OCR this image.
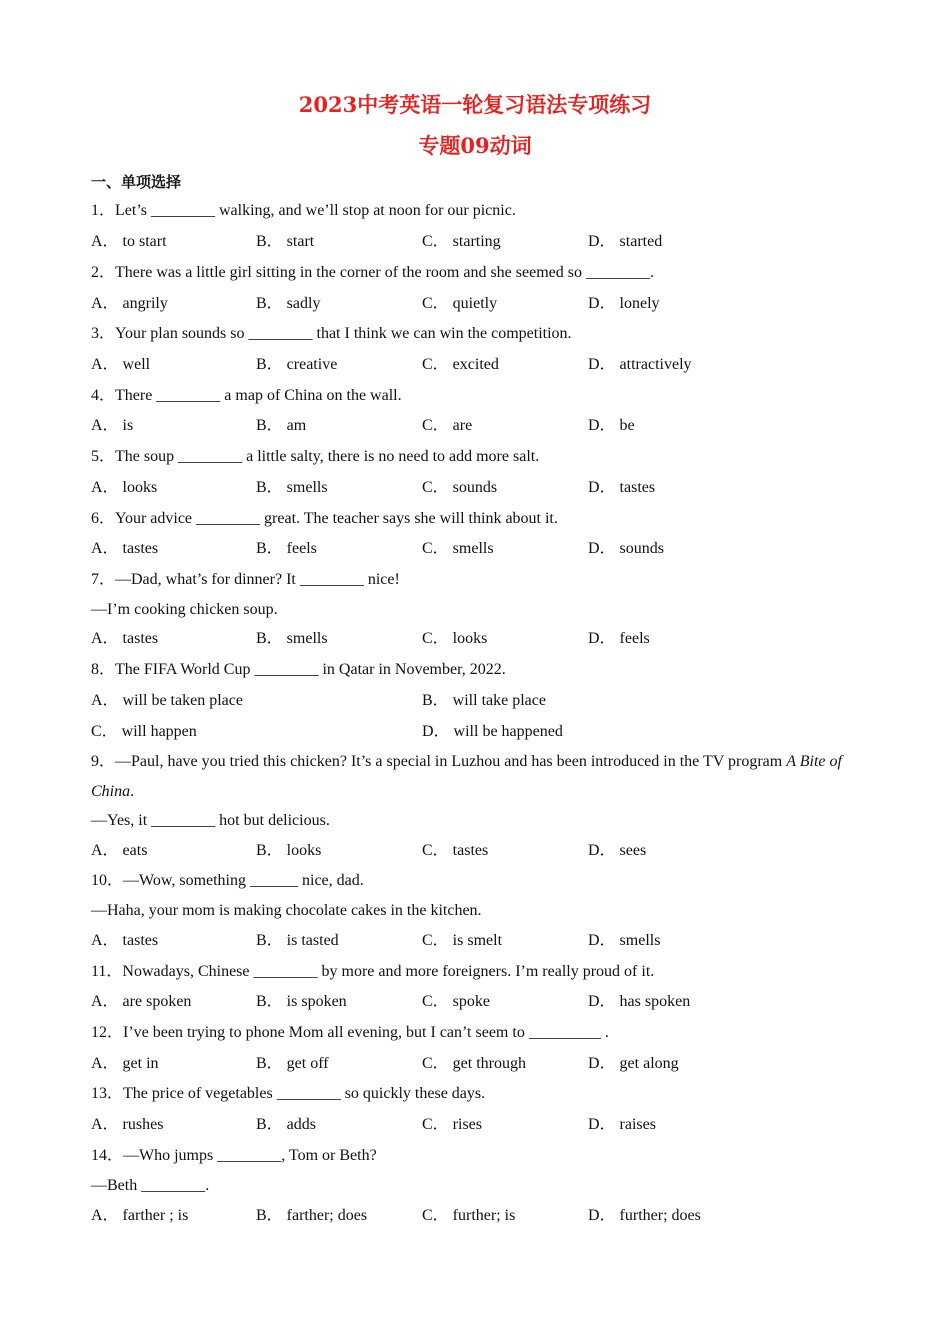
2023中考英语一轮复习语法专项练习
专题09动词
一、单项选择
1．Let’s ________ walking, and we’ll stop at noon for our picnic.
A． to start	B． start	C． starting	D． started
2．There was a little girl sitting in the corner of the room and she seemed so ________.
A． angrily	B． sadly	C． quietly	D． lonely
3．Your plan sounds so ________ that I think we can win the competition.
A． well	B． creative	C． excited	D． attractively
4．There ________ a map of China on the wall.
A． is	B． am	C． are	D． be
5．The soup ________ a little salty, there is no need to add more salt.
A． looks	B． smells	C． sounds	D． tastes
6．Your advice ________ great. The teacher says she will think about it.
A． tastes	B． feels	C． smells	D． sounds
7．—Dad, what’s for dinner? It ________ nice!
—I’m cooking chicken soup.
A． tastes	B． smells	C． looks	D． feels
8．The FIFA World Cup ________ in Qatar in November, 2022.
A． will be taken place	B． will take place
C． will happen	D． will be happened
9．—Paul, have you tried this chicken? It’s a special in Luzhou and has been introduced in the TV program A Bite of China.
—Yes, it ________ hot but delicious.
A． eats	B． looks	C． tastes	D． sees
10．—Wow, something ______ nice, dad.
—Haha, your mom is making chocolate cakes in the kitchen.
A． tastes	B． is tasted	C． is smelt	D． smells
11．Nowadays, Chinese ________ by more and more foreigners. I’m really proud of it.
A． are spoken	B． is spoken	C． spoke	D． has spoken
12．I’ve been trying to phone Mom all evening, but I can’t seem to _________ .
A． get in	B． get off	C． get through	D． get along
13．The price of vegetables ________ so quickly these days.
A． rushes	B． adds	C． rises	D． raises
14．—Who jumps ________, Tom or Beth?
—Beth ________.
A． farther ; is	B． farther; does	C． further; is	D． further; does
